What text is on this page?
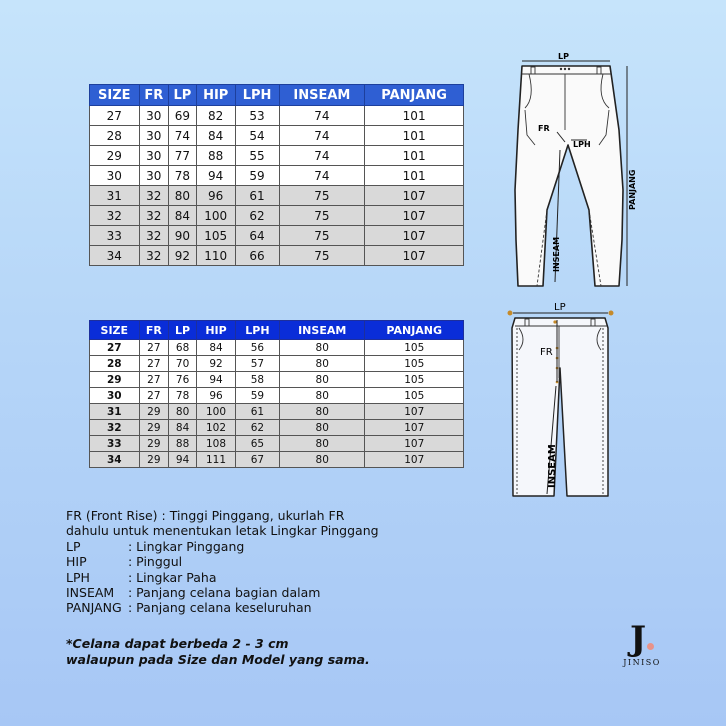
SIZE	FR	LP	HIP	LPH	INSEAM	PANJANG
27	30	69	82	53	74	101
28	30	74	84	54	74	101
29	30	77	88	55	74	101
30	30	78	94	59	74	101
31	32	80	96	61	75	107
32	32	84	100	62	75	107
33	32	90	105	64	75	107
34	32	92	110	66	75	107
SIZE	FR	LP	HIP	LPH	INSEAM	PANJANG
27	27	68	84	56	80	105
28	27	70	92	57	80	105
29	27	76	94	58	80	105
30	27	78	96	59	80	105
31	29	80	100	61	80	107
32	29	84	102	62	80	107
33	29	88	108	65	80	107
34	29	94	111	67	80	107
LP
FR
LPH
PANJANG
INSEAM
LP
FR
INSEAM
FR (Front Rise) : Tinggi Pinggang, ukurlah FR
dahulu untuk menentukan letak Lingkar Pinggang
LP	: Lingkar Pinggang
HIP	: Pinggul
LPH	: Lingkar Paha
INSEAM	: Panjang celana bagian dalam
PANJANG : Panjang celana keseluruhan
*Celana dapat berbeda 2 - 3 cm
walaupun pada Size dan Model yang sama.
J
JINISO
